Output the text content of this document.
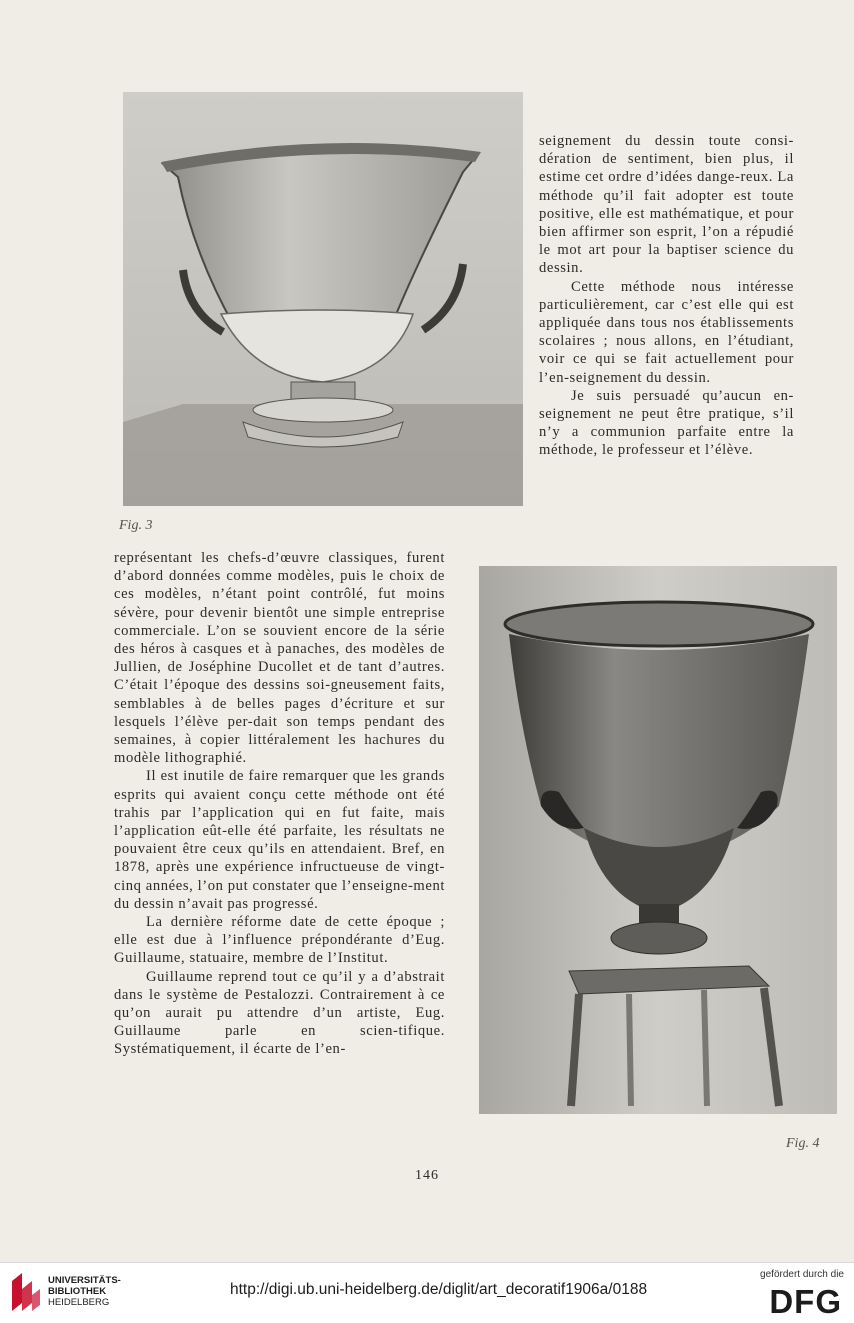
Fig. 3

seignement du dessin toute consi-dération de sentiment, bien plus, il estime cet ordre d’idées dange-reux. La méthode qu’il fait adopter est toute positive, elle est mathématique, et pour bien affirmer son esprit, l’on a répudié le mot art pour la baptiser science du dessin.

Cette méthode nous intéresse particulièrement, car c’est elle qui est appliquée dans tous nos établissements scolaires ; nous allons, en l’étudiant, voir ce qui se fait actuellement pour l’en-seignement du dessin.

Je suis persuadé qu’aucun en-seignement ne peut être pratique, s’il n’y a communion parfaite entre la méthode, le professeur et l’élève.

représentant les chefs-d’œuvre classiques, furent d’abord données comme modèles, puis le choix de ces modèles, n’étant point contrôlé, fut moins sévère, pour devenir bientôt une simple entreprise commerciale. L’on se souvient encore de la série des héros à casques et à panaches, des modèles de Jullien, de Joséphine Ducollet et de tant d’autres. C’était l’époque des dessins soi-gneusement faits, semblables à de belles pages d’écriture et sur lesquels l’élève per-dait son temps pendant des semaines, à copier littéralement les hachures du modèle lithographié.

Il est inutile de faire remarquer que les grands esprits qui avaient conçu cette méthode ont été trahis par l’application qui en fut faite, mais l’application eût-elle été parfaite, les résultats ne pouvaient être ceux qu’ils en attendaient. Bref, en 1878, après une expérience infructueuse de vingt-cinq années, l’on put constater que l’enseigne-ment du dessin n’avait pas progressé.

La dernière réforme date de cette époque ; elle est due à l’influence prépondérante d’Eug. Guillaume, statuaire, membre de l’Institut.

Guillaume reprend tout ce qu’il y a d’abstrait dans le système de Pestalozzi. Contrairement à ce qu’on aurait pu attendre d’un artiste, Eug. Guillaume parle en scien-tifique. Systématiquement, il écarte de l’en-

Fig. 4
146
UNIVERSITÄTS-
BIBLIOTHEK
HEIDELBERG
http://digi.ub.uni-heidelberg.de/diglit/art_decoratif1906a/0188
gefördert durch die
DFG
